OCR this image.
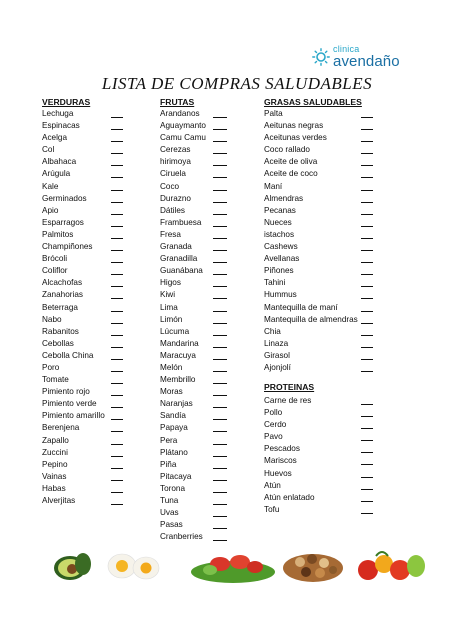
clinica
avendaño
LISTA DE COMPRAS SALUDABLES
VERDURAS
Lechuga
Espinacas
Acelga
Col
Albahaca
Arúgula
Kale
Germinados
Apio
Esparragos
Palmitos
Champiñones
Brócoli
Coliflor
Alcachofas
Zanahorias
Beterraga
Nabo
Rabanitos
Cebollas
Cebolla China
Poro
Tomate
Pimiento rojo
Pimiento verde
Pimiento amarillo
Berenjena
Zapallo
Zuccini
Pepino
Vainas
Habas
Alverjitas
FRUTAS
Arandanos
Aguaymanto
Camu Camu
Cerezas
hirimoya
Ciruela
Coco
Durazno
Dátiles
Frambuesa
Fresa
Granada
Granadilla
Guanábana
Higos
Kiwi
Lima
Limón
Lúcuma
Mandarina
Maracuya
Melón
Membrillo
Moras
Naranjas
Sandía
Papaya
Pera
Plátano
Piña
Pitacaya
Torona
Tuna
Uvas
Pasas
Cranberries
GRASAS SALUDABLES
Palta
Aeitunas negras
Aceitunas verdes
Coco rallado
Aceite de oliva
Aceite de coco
Maní
Almendras
Pecanas
Nueces
istachos
Cashews
Avellanas
Piñones
Tahini
Hummus
Mantequilla de maní
Mantequilla de almendras
Chia
Linaza
Girasol
Ajonjolí
PROTEINAS
Carne de res
Pollo
Cerdo
Pavo
Pescados
Mariscos
Huevos
Atún
Atún enlatado
Tofu
